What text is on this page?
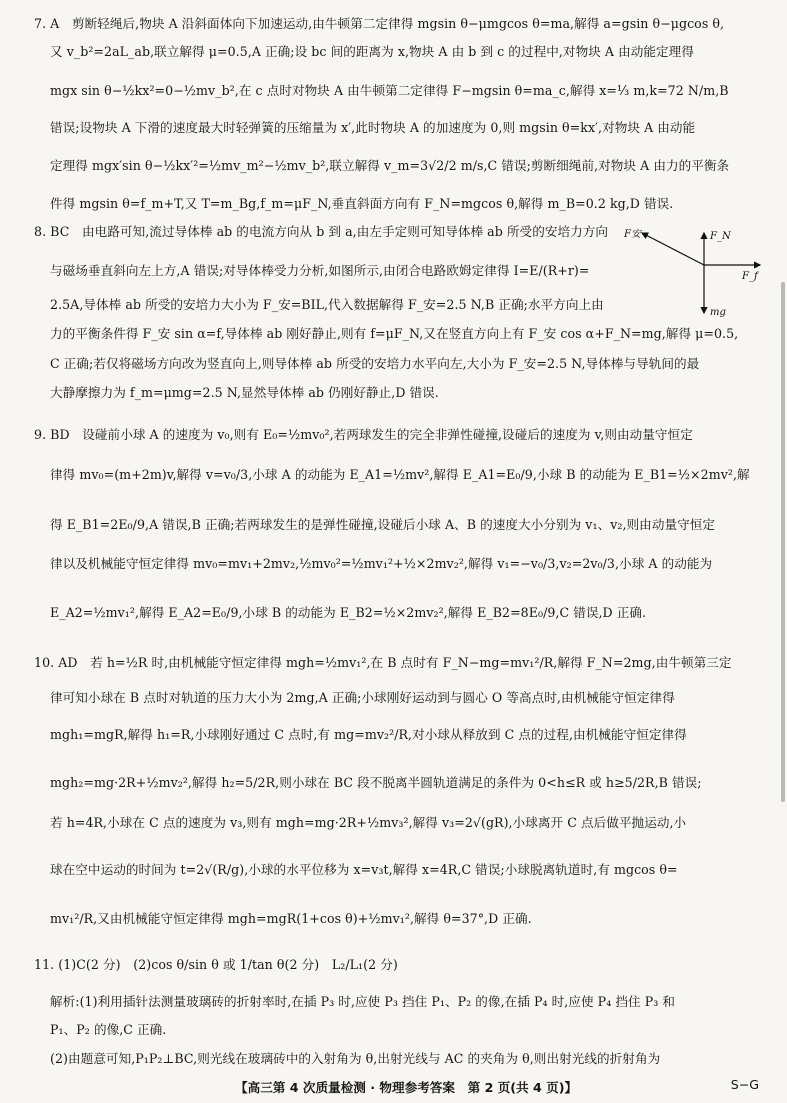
7. A　剪断轻绳后,物块 A 沿斜面体向下加速运动,由牛顿第二定律得 mgsin θ−μmgcos θ=ma,解得 a=gsin θ−μgcos θ,
又 v_b²=2aL_ab,联立解得 μ=0.5,A 正确;设 bc 间的距离为 x,物块 A 由 b 到 c 的过程中,对物块 A 由动能定理得
mgx sin θ−½kx²=0−½mv_b²,在 c 点时对物块 A 由牛顿第二定律得 F−mgsin θ=ma_c,解得 x=⅓ m,k=72 N/m,B
错误;设物块 A 下滑的速度最大时轻弹簧的压缩量为 x′,此时物块 A 的加速度为 0,则 mgsin θ=kx′,对物块 A 由动能
定理得 mgx′sin θ−½kx′²=½mv_m²−½mv_b²,联立解得 v_m=3√2/2 m/s,C 错误;剪断细绳前,对物块 A 由力的平衡条
件得 mgsin θ=f_m+T,又 T=m_Bg,f_m=μF_N,垂直斜面方向有 F_N=mgcos θ,解得 m_B=0.2 kg,D 错误.
8. BC　由电路可知,流过导体棒 ab 的电流方向从 b 到 a,由左手定则可知导体棒 ab 所受的安培力方向
与磁场垂直斜向左上方,A 错误;对导体棒受力分析,如图所示,由闭合电路欧姆定律得 I=E/(R+r)=
2.5A,导体棒 ab 所受的安培力大小为 F_安=BIL,代入数据解得 F_安=2.5 N,B 正确;水平方向上由
力的平衡条件得 F_安 sin α=f,导体棒 ab 刚好静止,则有 f=μF_N,又在竖直方向上有 F_安 cos α+F_N=mg,解得 μ=0.5,
C 正确;若仅将磁场方向改为竖直向上,则导体棒 ab 所受的安培力水平向左,大小为 F_安=2.5 N,导体棒与导轨间的最
大静摩擦力为 f_m=μmg=2.5 N,显然导体棒 ab 仍刚好静止,D 错误.
F安	F_N
F_f
mg
9. BD　设碰前小球 A 的速度为 v₀,则有 E₀=½mv₀²,若两球发生的完全非弹性碰撞,设碰后的速度为 v,则由动量守恒定
律得 mv₀=(m+2m)v,解得 v=v₀/3,小球 A 的动能为 E_A1=½mv²,解得 E_A1=E₀/9,小球 B 的动能为 E_B1=½×2mv²,解
得 E_B1=2E₀/9,A 错误,B 正确;若两球发生的是弹性碰撞,设碰后小球 A、B 的速度大小分别为 v₁、v₂,则由动量守恒定
律以及机械能守恒定律得 mv₀=mv₁+2mv₂,½mv₀²=½mv₁²+½×2mv₂²,解得 v₁=−v₀/3,v₂=2v₀/3,小球 A 的动能为
E_A2=½mv₁²,解得 E_A2=E₀/9,小球 B 的动能为 E_B2=½×2mv₂²,解得 E_B2=8E₀/9,C 错误,D 正确.
10. AD　若 h=½R 时,由机械能守恒定律得 mgh=½mv₁²,在 B 点时有 F_N−mg=mv₁²/R,解得 F_N=2mg,由牛顿第三定
律可知小球在 B 点时对轨道的压力大小为 2mg,A 正确;小球刚好运动到与圆心 O 等高点时,由机械能守恒定律得
mgh₁=mgR,解得 h₁=R,小球刚好通过 C 点时,有 mg=mv₂²/R,对小球从释放到 C 点的过程,由机械能守恒定律得
mgh₂=mg·2R+½mv₂²,解得 h₂=5/2R,则小球在 BC 段不脱离半圆轨道满足的条件为 0<h≤R 或 h≥5/2R,B 错误;
若 h=4R,小球在 C 点的速度为 v₃,则有 mgh=mg·2R+½mv₃²,解得 v₃=2√(gR),小球离开 C 点后做平抛运动,小
球在空中运动的时间为 t=2√(R/g),小球的水平位移为 x=v₃t,解得 x=4R,C 错误;小球脱离轨道时,有 mgcos θ=
mv₁²/R,又由机械能守恒定律得 mgh=mgR(1+cos θ)+½mv₁²,解得 θ=37°,D 正确.
11. (1)C(2 分)　(2)cos θ/sin θ 或 1/tan θ(2 分)　L₂/L₁(2 分)
解析:(1)利用插针法测量玻璃砖的折射率时,在插 P₃ 时,应使 P₃ 挡住 P₁、P₂ 的像,在插 P₄ 时,应使 P₄ 挡住 P₃ 和
P₁、P₂ 的像,C 正确.
(2)由题意可知,P₁P₂⊥BC,则光线在玻璃砖中的入射角为 θ,出射光线与 AC 的夹角为 θ,则出射光线的折射角为
【高三第 4 次质量检测 · 物理参考答案　第 2 页(共 4 页)】	S−G
